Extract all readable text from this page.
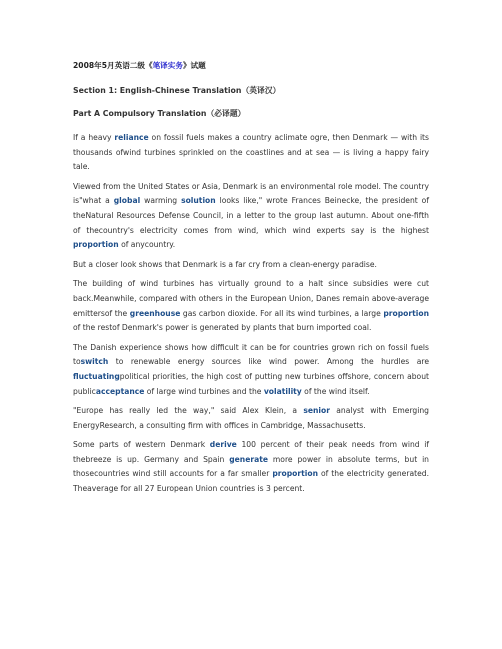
2008年5月英语二级《笔译实务》试题
Section 1: English-Chinese Translation（英译汉）
Part A Compulsory Translation（必译题）

If a heavy reliance on fossil fuels makes a country aclimate ogre, then Denmark — with its thousands ofwind turbines sprinkled on the coastlines and at sea — is living a happy fairy tale.

Viewed from the United States or Asia, Denmark is an environmental role model. The country is"what a global warming solution looks like," wrote Frances Beinecke, the president of theNatural Resources Defense Council, in a letter to the group last autumn. About one-fifth of thecountry's electricity comes from wind, which wind experts say is the highest proportion of anycountry.

But a closer look shows that Denmark is a far cry from a clean-energy paradise.

The building of wind turbines has virtually ground to a halt since subsidies were cut back.Meanwhile, compared with others in the European Union, Danes remain above-average emittersof the greenhouse gas carbon dioxide. For all its wind turbines, a large proportion of the restof Denmark's power is generated by plants that burn imported coal.

The Danish experience shows how difficult it can be for countries grown rich on fossil fuels toswitch to renewable energy sources like wind power. Among the hurdles are fluctuatingpolitical priorities, the high cost of putting new turbines offshore, concern about publicacceptance of large wind turbines and the volatility of the wind itself.

"Europe has really led the way," said Alex Klein, a senior analyst with Emerging EnergyResearch, a consulting firm with offices in Cambridge, Massachusetts.

Some parts of western Denmark derive 100 percent of their peak needs from wind if thebreeze is up. Germany and Spain generate more power in absolute terms, but in thosecountries wind still accounts for a far smaller proportion of the electricity generated. Theaverage for all 27 European Union countries is 3 percent.
